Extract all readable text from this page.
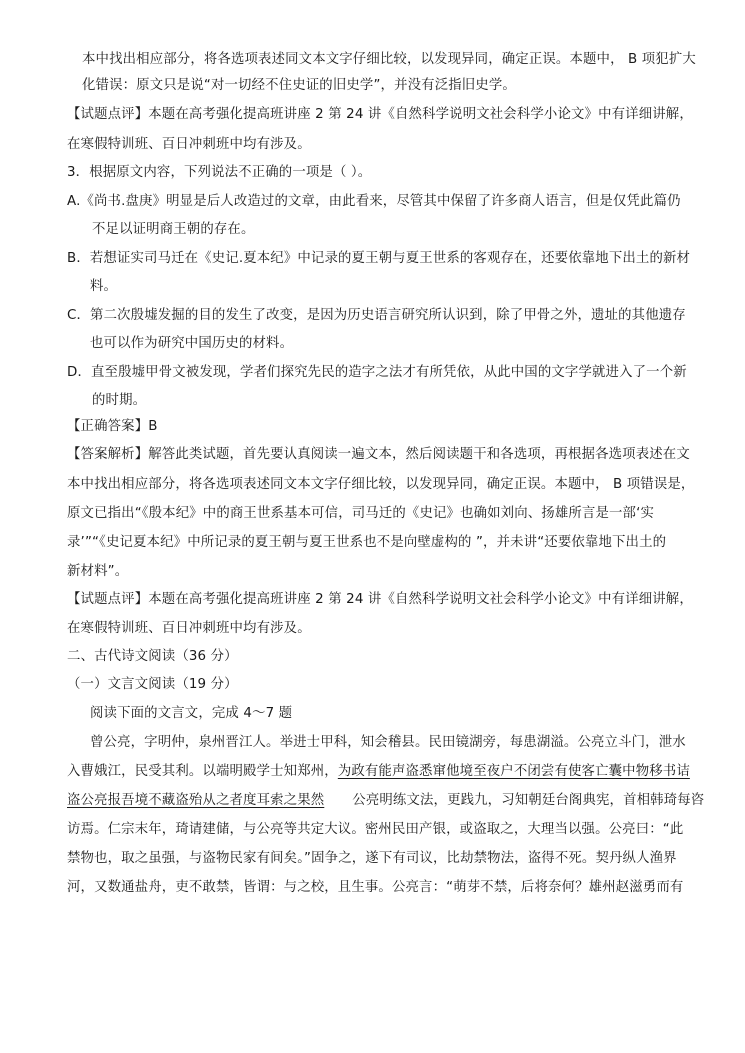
本中找出相应部分，将各选项表述同文本文字仔细比较，以发现异同，确定正误。本题中， B 项犯扩大
化错误：原文只是说“对一切经不住史证的旧史学”，并没有泛指旧史学。
【试题点评】本题在高考强化提高班讲座 2 第 24 讲《自然科学说明文社会科学小论文》中有详细讲解，
在寒假特训班、百日冲刺班中均有涉及。
3．根据原文内容，下列说法不正确的一项是（ ）。
A.《尚书.盘庚》明显是后人改造过的文章，由此看来，尽管其中保留了许多商人语言，但是仅凭此篇仍
不足以证明商王朝的存在。
B．若想证实司马迁在《史记.夏本纪》中记录的夏王朝与夏王世系的客观存在，还要依靠地下出土的新材
料。
C．第二次殷墟发掘的目的发生了改变，是因为历史语言研究所认识到，除了甲骨之外，遗址的其他遗存
也可以作为研究中国历史的材料。
D．直至殷墟甲骨文被发现，学者们探究先民的造字之法才有所凭依，从此中国的文字学就进入了一个新
的时期。
【正确答案】B
【答案解析】解答此类试题，首先要认真阅读一遍文本，然后阅读题干和各选项，再根据各选项表述在文
本中找出相应部分，将各选项表述同文本文字仔细比较，以发现异同，确定正误。本题中， B 项错误是，
原文已指出“《殷本纪》中的商王世系基本可信，司马迁的《史记》也确如刘向、扬雄所言是一部‘实
录’”“《史记夏本纪》中所记录的夏王朝与夏王世系也不是向壁虚构的 ”，并未讲“还要依靠地下出土的
新材料”。
【试题点评】本题在高考强化提高班讲座 2 第 24 讲《自然科学说明文社会科学小论文》中有详细讲解，
在寒假特训班、百日冲刺班中均有涉及。
二、古代诗文阅读（36 分）
（一）文言文阅读（19 分）
阅读下面的文言文，完成 4～7 题
曾公亮，字明仲，泉州晋江人。举进士甲科，知会稽县。民田镜湖旁，每患湖溢。公亮立斗门，泄水
入曹娥江，民受其利。以端明殿学士知郑州，为政有能声盗悉窜他境至夜户不闭尝有使客亡囊中物移书诘
盗公亮报吾境不藏盗殆从之者度耳索之果然 公亮明练文法，更践九，习知朝廷台阁典宪，首相韩琦每咨
访焉。仁宗末年，琦请建储，与公亮等共定大议。密州民田产银，或盗取之，大理当以强。公亮曰：“此
禁物也，取之虽强，与盗物民家有间矣。”固争之，遂下有司议，比劫禁物法，盗得不死。契丹纵人渔界
河，又数通盐舟，吏不敢禁，皆谓：与之校，且生事。公亮言：“萌芽不禁，后将奈何？雄州赵滋勇而有
